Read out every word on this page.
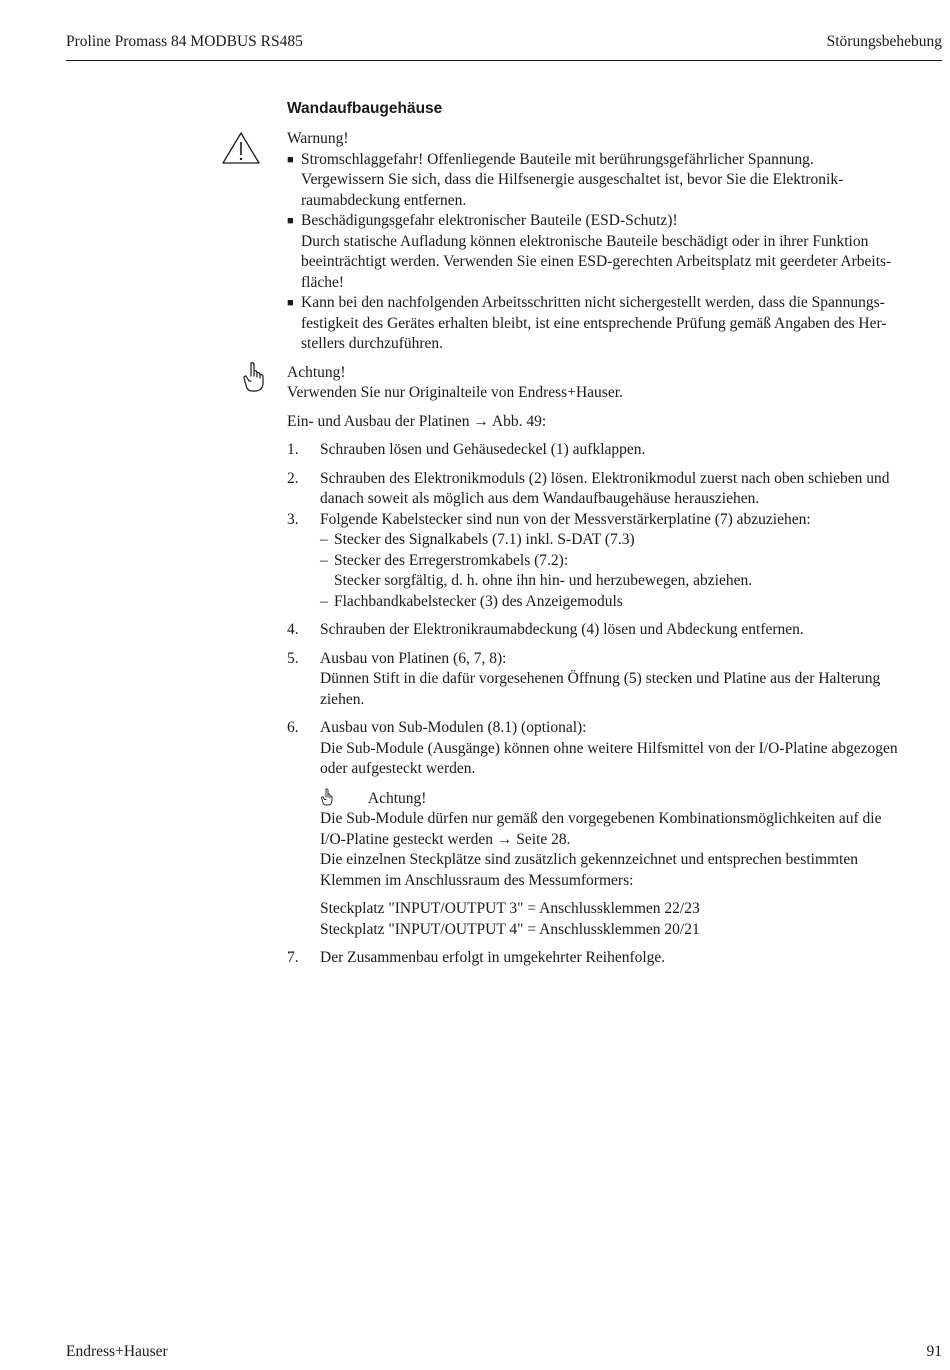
Proline Promass 84 MODBUS RS485	Störungsbehebung
Wandaufbaugehäuse

Warnung!

■ Stromschlaggefahr! Offenliegende Bauteile mit berührungsgefährlicher Spannung.
Vergewissern Sie sich, dass die Hilfsenergie ausgeschaltet ist, bevor Sie die Elektronik-
raumabdeckung entfernen.
■ Beschädigungsgefahr elektronischer Bauteile (ESD-Schutz)!
Durch statische Aufladung können elektronische Bauteile beschädigt oder in ihrer Funktion
beeinträchtigt werden. Verwenden Sie einen ESD-gerechten Arbeitsplatz mit geerdeter Arbeits-
fläche!
■ Kann bei den nachfolgenden Arbeitsschritten nicht sichergestellt werden, dass die Spannungs-
festigkeit des Gerätes erhalten bleibt, ist eine entsprechende Prüfung gemäß Angaben des Her-
stellers durchzuführen.

Achtung!

Verwenden Sie nur Originalteile von Endress+Hauser.

Ein- und Ausbau der Platinen → Abb. 49:

1. Schrauben lösen und Gehäusedeckel (1) aufklappen.
2. Schrauben des Elektronikmoduls (2) lösen. Elektronikmodul zuerst nach oben schieben und
danach soweit als möglich aus dem Wandaufbaugehäuse herausziehen.
3. Folgende Kabelstecker sind nun von der Messverstärkerplatine (7) abzuziehen:
– Stecker des Signalkabels (7.1) inkl. S-DAT (7.3)
– Stecker des Erregerstromkabels (7.2):
Stecker sorgfältig, d. h. ohne ihn hin- und herzubewegen, abziehen.
– Flachbandkabelstecker (3) des Anzeigemoduls
4. Schrauben der Elektronikraumabdeckung (4) lösen und Abdeckung entfernen.
5. Ausbau von Platinen (6, 7, 8):
Dünnen Stift in die dafür vorgesehenen Öffnung (5) stecken und Platine aus der Halterung
ziehen.
6. Ausbau von Sub-Modulen (8.1) (optional):
Die Sub-Module (Ausgänge) können ohne weitere Hilfsmittel von der I/O-Platine abgezogen
oder aufgesteckt werden.
Achtung!
Die Sub-Module dürfen nur gemäß den vorgegebenen Kombinationsmöglichkeiten auf die
I/O-Platine gesteckt werden → Seite 28.
Die einzelnen Steckplätze sind zusätzlich gekennzeichnet und entsprechen bestimmten
Klemmen im Anschlussraum des Messumformers:
Steckplatz "INPUT/OUTPUT 3" = Anschlussklemmen 22/23
Steckplatz "INPUT/OUTPUT 4" = Anschlussklemmen 20/21
7. Der Zusammenbau erfolgt in umgekehrter Reihenfolge.
Endress+Hauser	91
